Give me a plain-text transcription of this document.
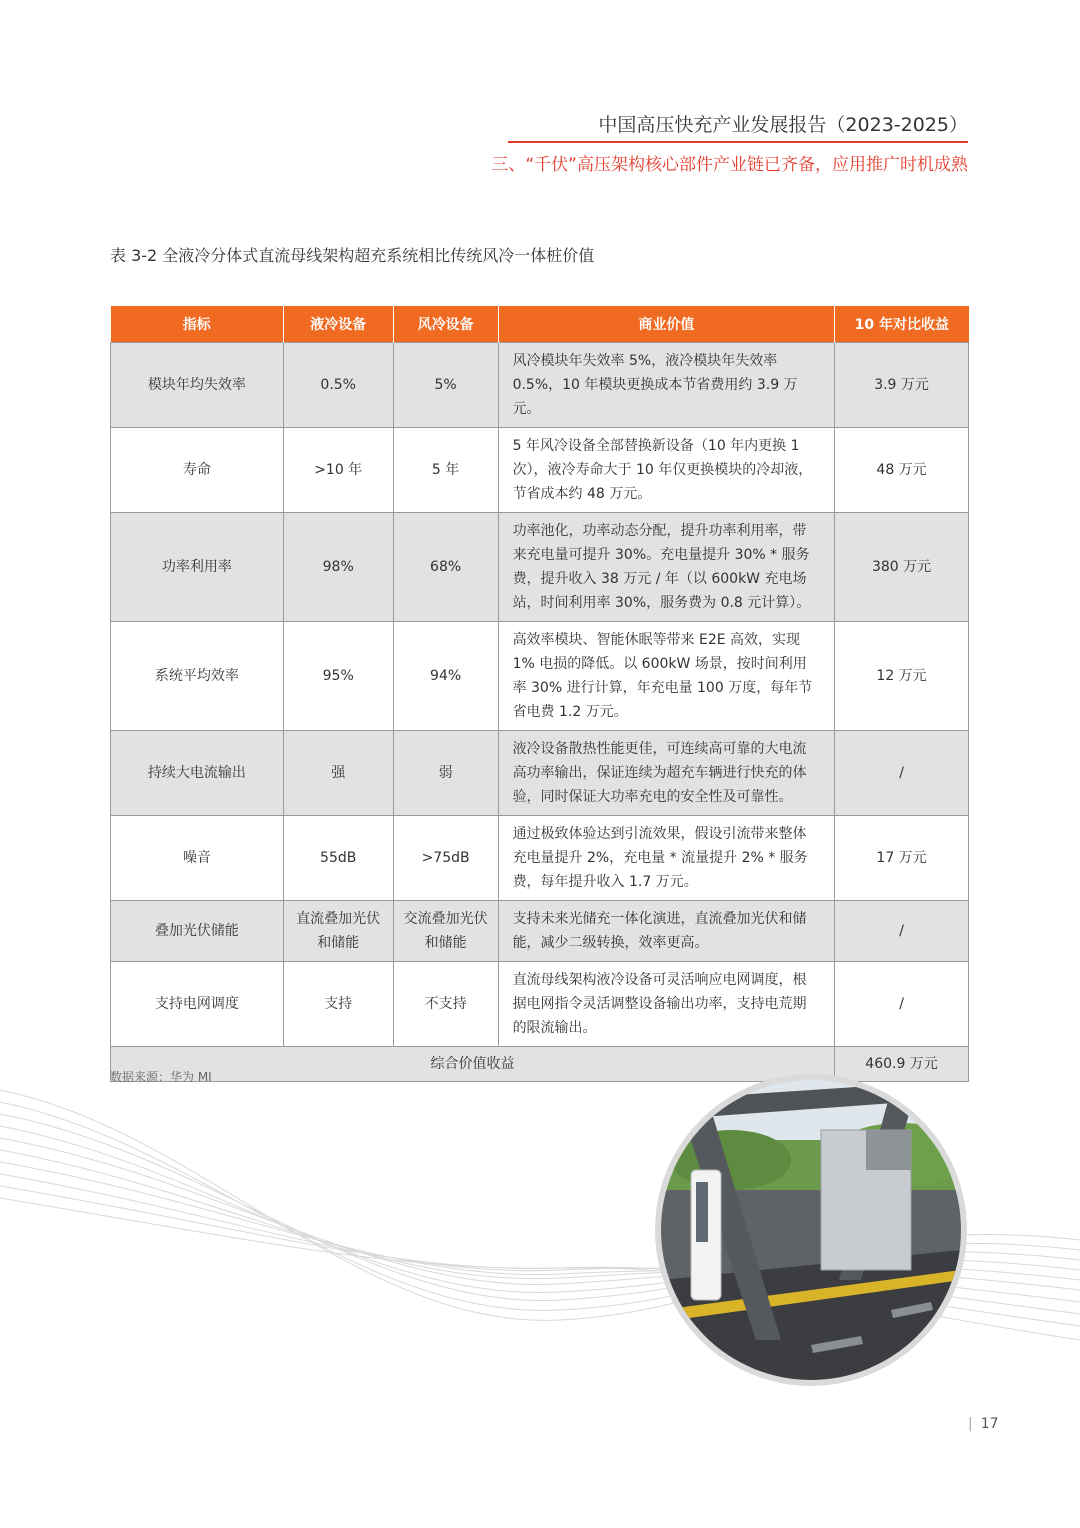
中国高压快充产业发展报告（2023-2025）
三、“千伏”高压架构核心部件产业链已齐备，应用推广时机成熟
表 3-2 全液冷分体式直流母线架构超充系统相比传统风冷一体桩价值
指标	液冷设备	风冷设备	商业价值	10 年对比收益
模块年均失效率	0.5%	5%	风冷模块年失效率 5%，液冷模块年失效率 0.5%，10 年模块更换成本节省费用约 3.9 万元。	3.9 万元
寿命	>10 年	5 年	5 年风冷设备全部替换新设备（10 年内更换 1 次），液冷寿命大于 10 年仅更换模块的冷却液，节省成本约 48 万元。	48 万元
功率利用率	98%	68%	功率池化，功率动态分配，提升功率利用率，带来充电量可提升 30%。充电量提升 30% * 服务费，提升收入 38 万元 / 年（以 600kW 充电场站，时间利用率 30%，服务费为 0.8 元计算）。	380 万元
系统平均效率	95%	94%	高效率模块、智能休眠等带来 E2E 高效，实现 1% 电损的降低。以 600kW 场景，按时间利用率 30% 进行计算，年充电量 100 万度，每年节省电费 1.2 万元。	12 万元
持续大电流输出	强	弱	液冷设备散热性能更佳，可连续高可靠的大电流高功率输出，保证连续为超充车辆进行快充的体验，同时保证大功率充电的安全性及可靠性。	/
噪音	55dB	>75dB	通过极致体验达到引流效果，假设引流带来整体充电量提升 2%，充电量 * 流量提升 2% * 服务费，每年提升收入 1.7 万元。	17 万元
叠加光伏储能	直流叠加光伏和储能	交流叠加光伏和储能	支持未来光储充一体化演进，直流叠加光伏和储能，减少二级转换，效率更高。	/
支持电网调度	支持	不支持	直流母线架构液冷设备可灵活响应电网调度，根据电网指令灵活调整设备输出功率，支持电荒期的限流输出。	/
综合价值收益				460.9 万元
数据来源：华为 MI
| 17
